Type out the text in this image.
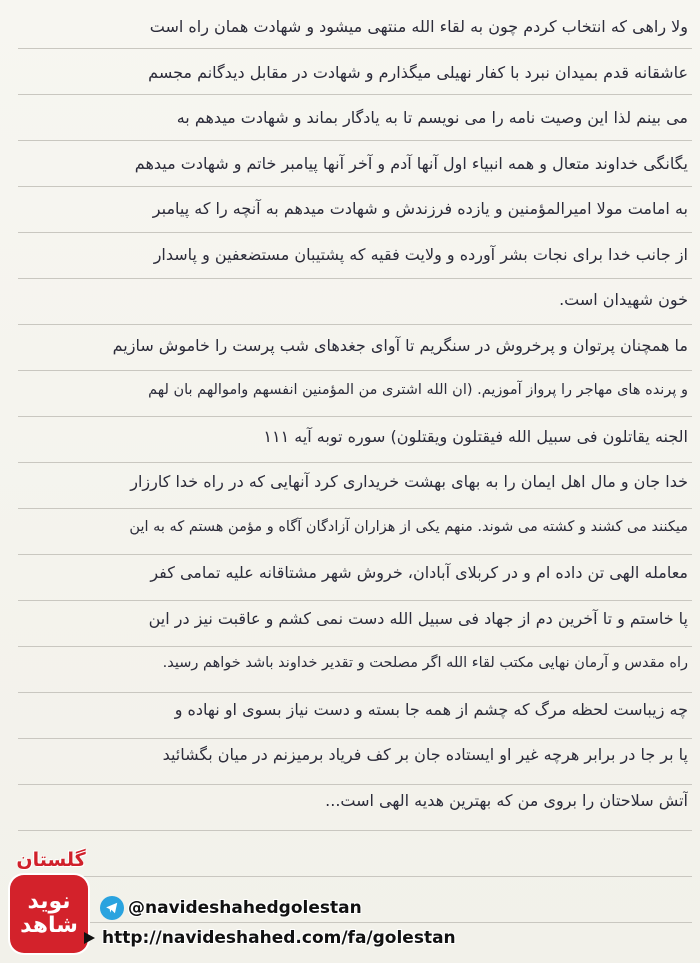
ولا راهی که انتخاب کردم چون به لقاء الله منتهی میشود و شهادت همان راه است
عاشقانه قدم بمیدان نبرد با کفار نهیلی میگذارم و شهادت در مقابل دیدگانم مجسم
می بینم لذا این وصیت نامه را می نویسم تا به یادگار بماند و شهادت میدهم به
یگانگی خداوند متعال و همه انبیاء اول آنها آدم و آخر آنها پیامبر خاتم و شهادت میدهم
به امامت مولا امیرالمؤمنین و یازده فرزندش و شهادت میدهم به آنچه را که پیامبر
از جانب خدا برای نجات بشر آورده و ولایت فقیه که پشتیبان مستضعفین و پاسدار
خون شهیدان است.
ما همچنان پرتوان و پرخروش در سنگریم تا آوای جغدهای شب پرست را خاموش سازیم
و پرنده های مهاجر را پرواز آموزیم. (ان الله اشتری من المؤمنین انفسهم واموالهم بان لهم
الجنه یقاتلون فی سبیل الله فیقتلون ویقتلون) سوره توبه آیه ۱۱۱
خدا جان و مال اهل ایمان را به بهای بهشت خریداری کرد آنهایی که در راه خدا کارزار
میکنند می کشند و کشته می شوند. منهم یکی از هزاران آزادگان آگاه و مؤمن هستم که به این
معامله الهی تن داده ام و در کربلای آبادان، خروش شهر مشتاقانه علیه تمامی کفر
پا خاستم و تا آخرین دم از جهاد فی سبیل الله دست نمی کشم و عاقبت نیز در این
راه مقدس و آرمان نهایی مکتب لقاء الله اگر مصلحت و تقدیر خداوند باشد خواهم رسید.
چه زیباست لحظه مرگ که چشم از همه جا بسته و دست نیاز بسوی او نهاده و
پا بر جا در برابر هرچه غیر او ایستاده جان بر کف فریاد برمیزنم در میان بگشائید
آتش سلاحتان را بروی من که بهترین هدیه الهی است...
گلستان
نوید شاهد
@navideshahedgolestan
http://navideshahed.com/fa/golestan
